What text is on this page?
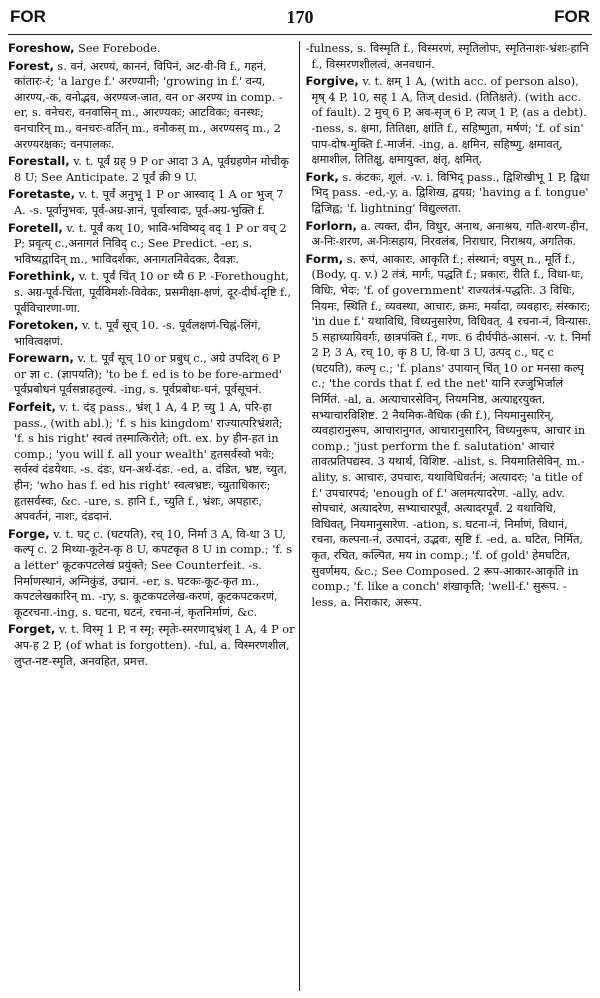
FOR	170	FOR
Foreshow, See Forebode.
Forest, s. वनं, अरण्यं, काननं, विपिनं, अट-वी-वि f., गहनं, कांतारः-रं; 'a large f.' अरण्यानी; 'growing in f.' वन्य, आरण्य,-क, वनोद्भव, अरण्यज-जात, वन or अरण्य in comp. -er, s. वनेचरः, वनवासिन् m., आरण्यकः; आटविकः; वनस्थः; वनचारिन् m., वनचरः-वर्तिन् m., वनौकस् m., अरण्यसद् m., 2 अरण्यरक्षकः; वनपालकः.
Forestall, v. t. पूर्वं ग्रह् 9 P or आदा 3 A, पूर्वग्रहणेन मोचीकृ 8 U; See Anticipate. 2 पूर्वं क्री 9 U.
Foretaste, v. t. पूर्वं अनुभू 1 P or आस्वाद् 1 A or भुज् 7 A. -s. पूर्वानुभवः, पूर्व-अग्र-ज्ञानं, पूर्वास्वादः, पूर्व-अग्र-भुक्ति f.
Foretell, v. t. पूर्वं कथ् 10, भावि-भविष्यद् वद् 1 P or वच् 2 P; प्रवृत्य् c.,अनागतं निविद् c.; See Predict. -er, s. भविष्यद्वादिन् m., भाविदर्शकः, अनागतनिवेदकः, दैवज्ञः.
Forethink, v. t. पूर्वं चिंत् 10 or ध्यै 6 P. -Forethought, s. अग्र-पूर्व-चिंता, पूर्वविमर्शः-विवेकः, प्रसमीक्षा-क्षणं, दूर-दीर्घ-दृष्टि f., पूर्वविचारणा-णा.
Foretoken, v. t. पूर्वं सूच् 10. -s. पूर्वलक्षणं-चिह्नं-लिंगं, भावित्वक्षणं.
Forewarn, v. t. पूर्वं सूच् 10 or प्रबुध् c., अग्रे उपदिश् 6 P or ज्ञा c. (ज्ञापयति); 'to be f. ed is to be fore-armed' पूर्वप्रबोधनं पूर्वसन्नाहतुल्यं. -ing, s. पूर्वप्रबोधः-धनं, पूर्वसूचनं.
Forfeit, v. t. दंड् pass., भ्रंश् 1 A, 4 P, च्यु 1 A, परि-हा pass., (with abl.); 'f. s his kingdom' राज्यात्परिभ्रंशते; 'f. s his right' स्वत्वं तस्मात्किरोते; oft. ex. by हीन-हत in comp.; 'you will f. all your wealth' हृतसर्वस्वो भवेः; सर्वस्वं दंडयेथाः. -s. दंडः, धन-अर्थ-दंडः. -ed, a. दंडित, भ्रष्ट, च्युत, हीन; 'who has f. ed his right' स्वत्वभ्रष्टः, च्युताधिकारः; हृतसर्वस्वः, &c. -ure, s. हानि f., च्युति f., भ्रंशः, अपहारः, अपवर्तनं, नाशः, दंडदानं.
Forge, v. t. घट् c. (घटयति), रच् 10, निर्मा 3 A, वि-धा 3 U, कल्पृ c. 2 मिथ्या-कूटेन-कृ 8 U, कपटकृत 8 U in comp.; 'f. s a letter' कूटकपटलेखं प्रयुंक्ते; See Counterfeit. -s. निर्माणस्थानं, अग्निकुंडं, उद्मानं. -er, s. घटकः-कूट-कृत m., कपटलेखकारिन् m. -ry, s. कूटकपटलेख-करणं, कूटकपटकरणं, कूटरचना.-ing, s. घटना, घटनं, रचना-नं, कृतनिर्माणं, &c.
Forget, v. t. विस्मृ 1 P, न स्मृ; स्मृतेः-स्मरणाद्भ्रंश् 1 A, 4 P or अप-ह 2 P, (of what is forgotten). -ful, a. विस्मरणशील, लुप्त-नष्ट-स्मृति, अनवहित, प्रमत्त.
-fulness, s. विस्मृति f., विस्मरणं, स्मृतिलोपः, स्मृतिनाशः-भ्रंशः-हानि f., विस्मरणशीलत्वं, अनवधानं.
Forgive, v. t. क्षम् 1 A, (with acc. of person also), मृष् 4 P, 10, सह् 1 A, तिज् desid. (तितिक्षते). (with acc. of fault). 2 मुच् 6 P, अव-सृज् 6 P, त्यज् 1 P, (as a debt). -ness, s. क्षमा, तितिक्षा, क्षांति f., सहिष्णुता, मर्षणं; 'f. of sin' पाप-दोष-मुक्ति f.-मार्जनं. -ing, a. क्षमिन, सहिष्णु, क्षमावत्, क्षमाशील, तितिक्षु, क्षमायुक्त, क्षंतृ, क्षमित्.
Fork, s. कंटकः, शूलं. -v. i. विभिद् pass., द्विशिखीभू 1 P, द्विधा भिद् pass. -ed,-y, a. द्विशिख, द्वयग्र; 'having a f. tongue' द्विजिह्व; 'f. lightning' विद्युल्लता.
Forlorn, a. त्यक्त, दीन, विधुर, अनाथ, अनाश्रय, गति-शरण-हीन, अ-निः-शरण, अ-निःसहाय, निरवलंब, निराधार, निराश्रय, अगतिक.
Form, s. रूपं, आकारः, आकृति f.; संस्थानं; वपुस् n., मूर्ति f., (Body, q. v.) 2 तंत्रं, मार्गः, पद्धति f.; प्रकारः, रीति f., विधा-धः, विधिः, भेदः; 'f. of government' राज्यतंत्रं-पद्धतिः. 3 विधिः, नियमः, स्थिति f., व्यवस्था, आचारः, क्रमः, मर्यादा, व्यवहारः, संस्कारः; 'in due f.' यथाविधि, विध्यनुसारेण, विधिवत्. 4 रचना-नं, विन्यासः. 5 सहाध्यायिवर्गः, छात्रपंक्ति f., गणः. 6 दीर्घपीठं-आसनं. -v. t. निर्मा 2 P, 3 A, रच् 10, कृ 8 U, वि-धा 3 U, उत्पद् c., घट् c (घटयति), कल्पृ c.; 'f. plans' उपायान् चिंत् 10 or मनसा कल्पृ c.; 'the cords that f. ed the net' यानि रज्जुभिर्जालं निर्मितं. -al, a. अत्याचारसेविन्, नियमनिष्ठ, अत्याद्दरयुक्त, सभ्याचारविशिष्ट. 2 नैयमिक-वैधिक (की f.), नियमानुसारिन्, व्यवहारानुरूप, आचारानुगत, आचारानुसारिन्, विध्यनुरूप, आचार in comp.; 'just perform the f. salutation' आचारं तावत्प्रतिपद्यस्व. 3 यथार्थ, विशिष्ट. -alist, s. नियमातिसेविन्. m.-ality, s. आचारः, उपचारः, यथाविधिवर्तनं; अत्यादरः; 'a title of f.' उपचारपदं; 'enough of f.' अलमत्यादरेण. -ally, adv. सोपचारं, अत्यादरेण, सभ्याचारपूर्वं, अत्यादरपूर्वं. 2 यथाविधि, विधिवत्, नियमानुसारेण. -ation, s. घटना-नं, निर्माणं, विधानं, रचना, कल्पना-नं, उत्पादनं, उद्भवः, सृष्टि f. -ed, a. घटित, निर्मित, कृत, रचित, कल्पित, मय in comp.; 'f. of gold' हेमघटित, सुवर्णमय, &c.; See Composed. 2 रूप-आकार-आकृति in comp.; 'f. like a conch' शंखाकृति; 'well-f.' सुरूप. -less, a. निराकार, अरूप.
